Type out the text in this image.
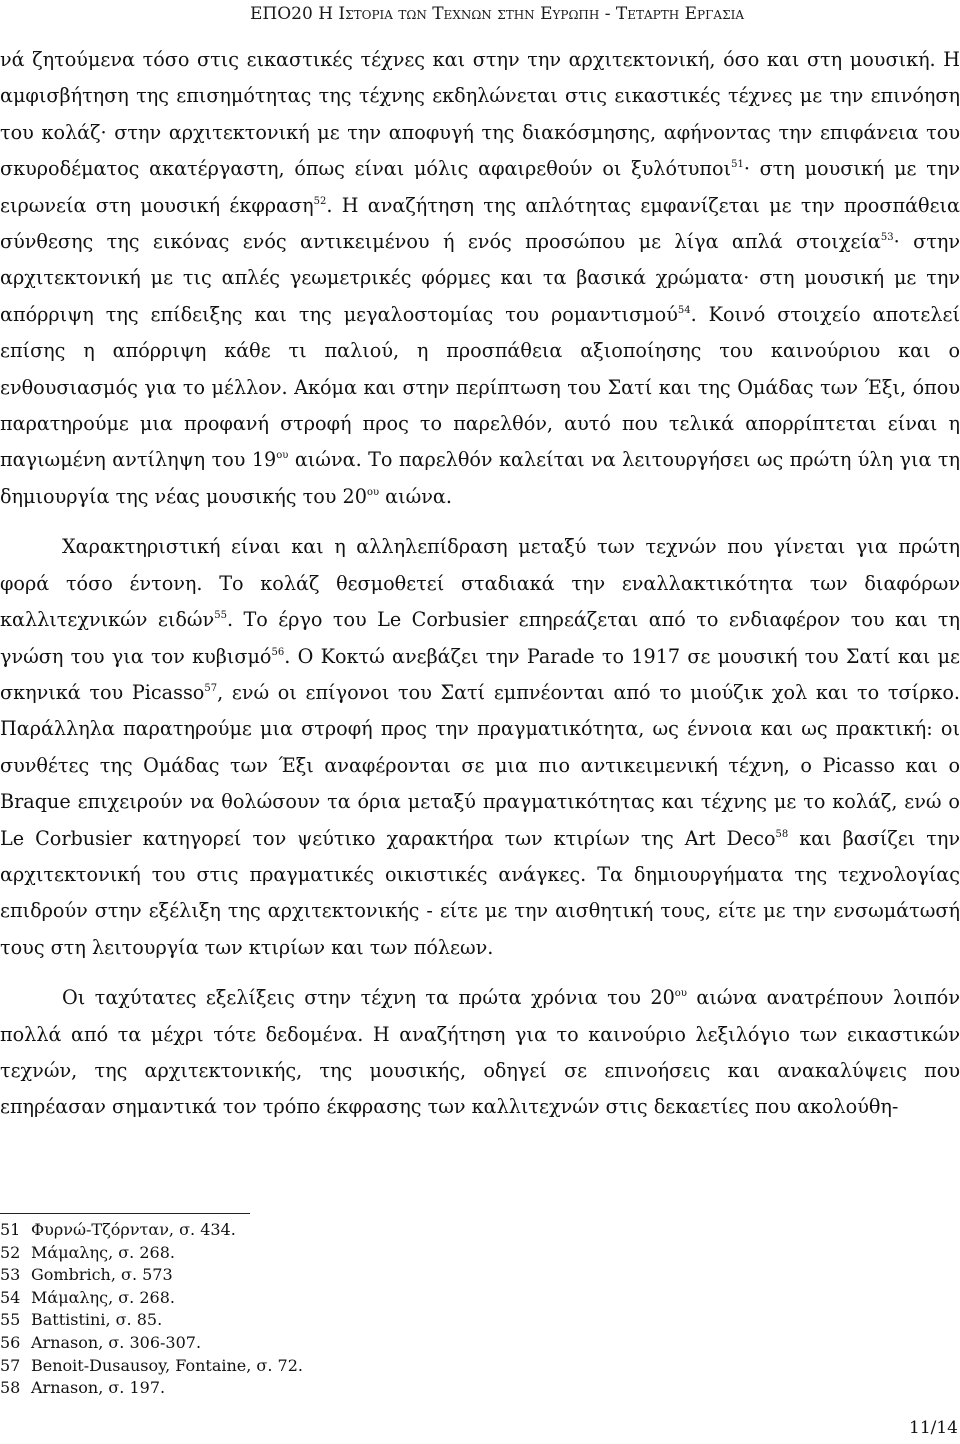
ΕΠΟ20 Η Ιστορια των Τεχνων στην Ευρωπη - Τεταρτη Εργασια

νά ζητούμενα τόσο στις εικαστικές τέχνες και στην την αρχιτεκτονική, όσο και στη μουσική. Η αμφισβήτηση της επισημότητας της τέχνης εκδηλώνεται στις εικαστικές τέχνες με την επινόηση του κολάζ· στην αρχιτεκτονική με την αποφυγή της διακόσμησης, αφήνοντας την επιφάνεια του σκυροδέματος ακατέργαστη, όπως είναι μόλις αφαιρεθούν οι ξυλότυποι$^{51}$· στη μουσική με την ειρωνεία στη μουσική έκφραση$^{52}$. Η αναζήτηση της απλότητας εμφανίζεται με την προσπάθεια σύνθεσης της εικόνας ενός αντικειμένου ή ενός προσώπου με λίγα απλά στοιχεία$^{53}$· στην αρχιτεκτονική με τις απλές γεωμετρικές φόρμες και τα βασικά χρώματα· στη μουσική με την απόρριψη της επίδειξης και της μεγαλοστομίας του ρομαντισμού$^{54}$. Κοινό στοιχείο αποτελεί επίσης η απόρριψη κάθε τι παλιού, η προσπάθεια αξιοποίησης του καινούριου και ο ενθουσιασμός για το μέλλον. Ακόμα και στην περίπτωση του Σατί και της Ομάδας των Έξι, όπου παρατηρούμε μια προφανή στροφή προς το παρελθόν, αυτό που τελικά απορρίπτεται είναι η παγιωμένη αντίληψη του $19^{o\upsilon}$ αιώνα. Το παρελθόν καλείται να λειτουργήσει ως πρώτη ύλη για τη δημιουργία της νέας μουσικής του $20^{o\upsilon}$ αιώνα.

Χαρακτηριστική είναι και η αλληλεπίδραση μεταξύ των τεχνών που γίνεται για πρώτη φορά τόσο έντονη. Το κολάζ θεσμοθετεί σταδιακά την εναλλακτικότητα των διαφόρων καλλιτεχνικών ειδών$^{55}$. Το έργο του Le Corbusier επηρεάζεται από το ενδιαφέρον του και τη γνώση του για τον κυβισμό$^{56}$. Ο Κοκτώ ανεβάζει την Parade το 1917 σε μουσική του Σατί και με σκηνικά του Picasso$^{57}$, ενώ οι επίγονοι του Σατί εμπνέονται από το μιούζικ χολ και το τσίρκο. Παράλληλα παρατηρούμε μια στροφή προς την πραγματικότητα, ως έννοια και ως πρακτική: οι συνθέτες της Ομάδας των Έξι αναφέρονται σε μια πιο αντικειμενική τέχνη, ο Picasso και ο Braque επιχειρούν να θολώσουν τα όρια μεταξύ πραγματικότητας και τέχνης με το κολάζ, ενώ ο Le Corbusier κατηγορεί τον ψεύτικο χαρακτήρα των κτιρίων της Art Deco$^{58}$ και βασίζει την αρχιτεκτονική του στις πραγματικές οικιστικές ανάγκες. Τα δημιουργήματα της τεχνολογίας επιδρούν στην εξέλιξη της αρχιτεκτονικής - είτε με την αισθητική τους, είτε με την ενσωμάτωσή τους στη λειτουργία των κτιρίων και των πόλεων.

Οι ταχύτατες εξελίξεις στην τέχνη τα πρώτα χρόνια του $20^{o\upsilon}$ αιώνα ανατρέπουν λοιπόν πολλά από τα μέχρι τότε δεδομένα. Η αναζήτηση για το καινούριο λεξιλόγιο των εικαστικών τεχνών, της αρχιτεκτονικής, της μουσικής, οδηγεί σε επινοήσεις και ανακαλύψεις που επηρέασαν σημαντικά τον τρόπο έκφρασης των καλλιτεχνών στις δεκαετίες που ακολούθη-

51 Φυρνώ-Τζόρνταν, σ. 434.
52 Μάμαλης, σ. 268.
53 Gombrich, σ. 573
54 Μάμαλης, σ. 268.
55 Battistini, σ. 85.
56 Arnason, σ. 306-307.
57 Benoit-Dusausoy, Fontaine, σ. 72.
58 Arnason, σ. 197.
11/14
